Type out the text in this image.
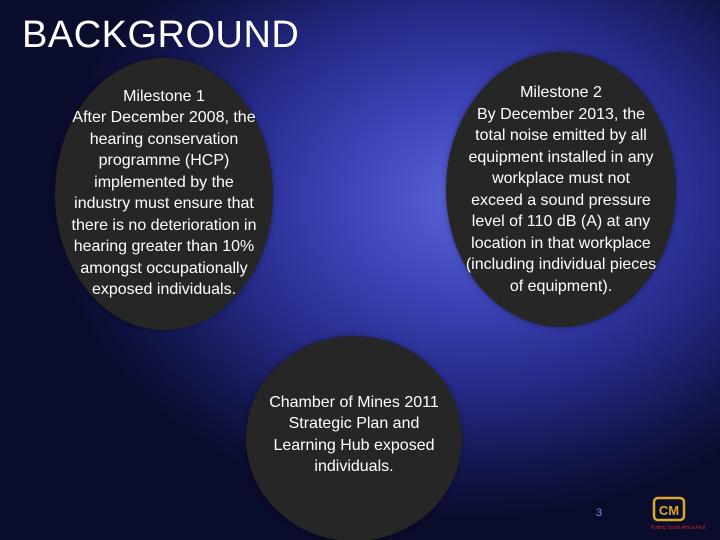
BACKGROUND
Milestone 1
After December 2008, the
hearing conservation
programme (HCP)
implemented by the
industry must ensure that
there is no deterioration in
hearing greater than 10%
amongst occupationally
exposed individuals.
Milestone 2
By December 2013, the
total noise emitted by all
equipment installed in any
workplace must not
exceed a sound pressure
level of 110 dB (A) at any
location in that workplace
(including individual pieces
of equipment).
Chamber of Mines 2011
Strategic Plan and
Learning Hub exposed
individuals.
3	CM
Putting South Africa First
